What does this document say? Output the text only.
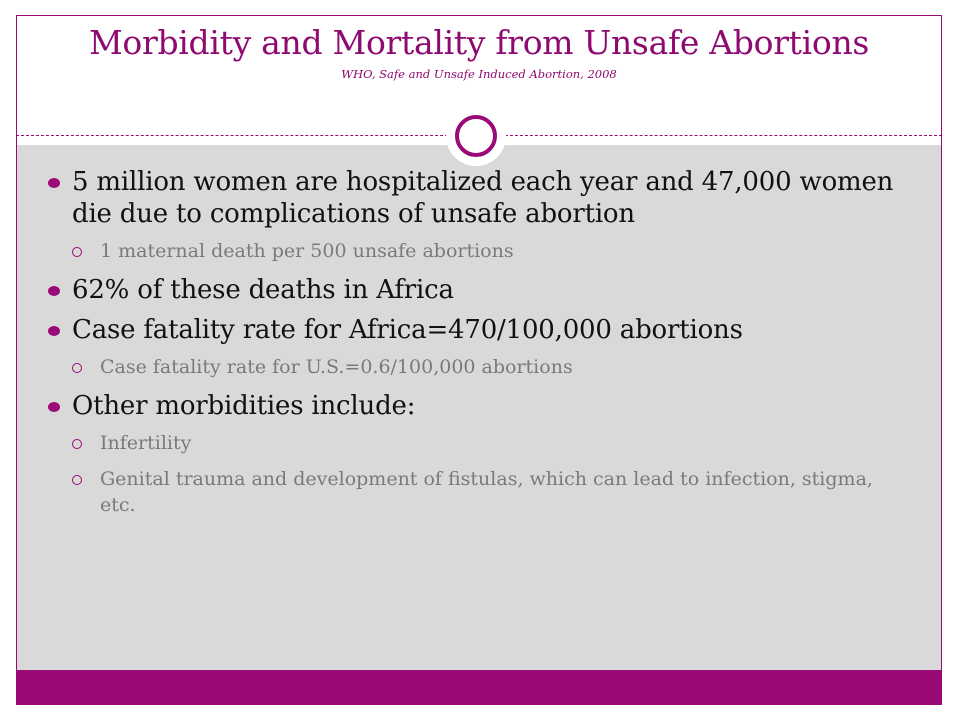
Morbidity and Mortality from Unsafe Abortions

WHO, Safe and Unsafe Induced Abortion, 2008

5 million women are hospitalized each year and 47,000 women die due to complications of unsafe abortion
1 maternal death per 500 unsafe abortions
62% of these deaths in Africa
Case fatality rate for Africa=470/100,000 abortions
Case fatality rate for U.S.=0.6/100,000 abortions
Other morbidities include:
Infertility
Genital trauma and development of fistulas, which can lead to infection, stigma, etc.
